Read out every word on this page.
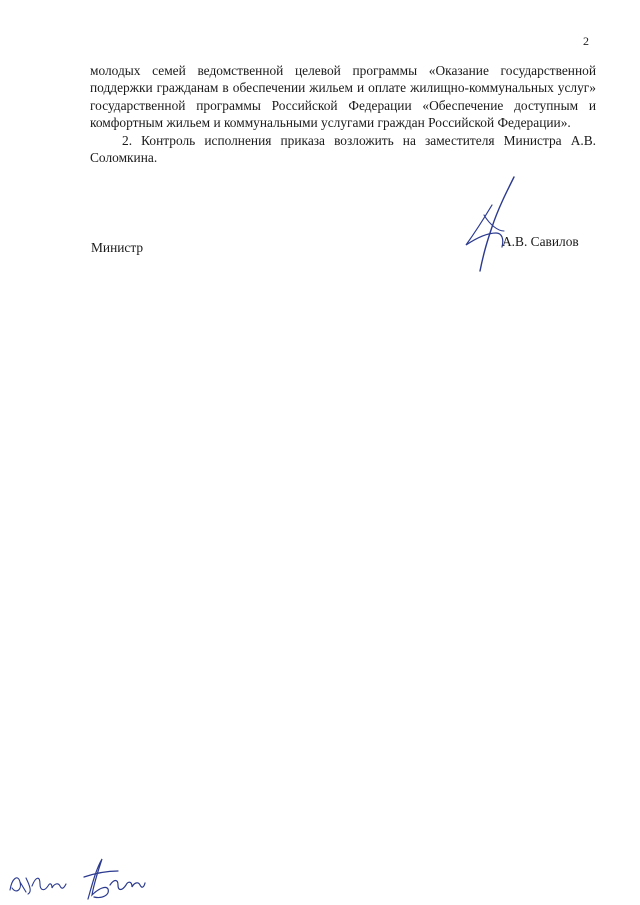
2

молодых семей ведомственной целевой программы «Оказание государственной поддержки гражданам в обеспечении жильем и оплате жилищно-коммунальных услуг» государственной программы Российской Федерации «Обеспечение доступным и комфортным жильем и коммунальными услугами граждан Российской Федерации».

2. Контроль исполнения приказа возложить на заместителя Министра А.В. Соломкина.

Министр	А.В. Савилов
